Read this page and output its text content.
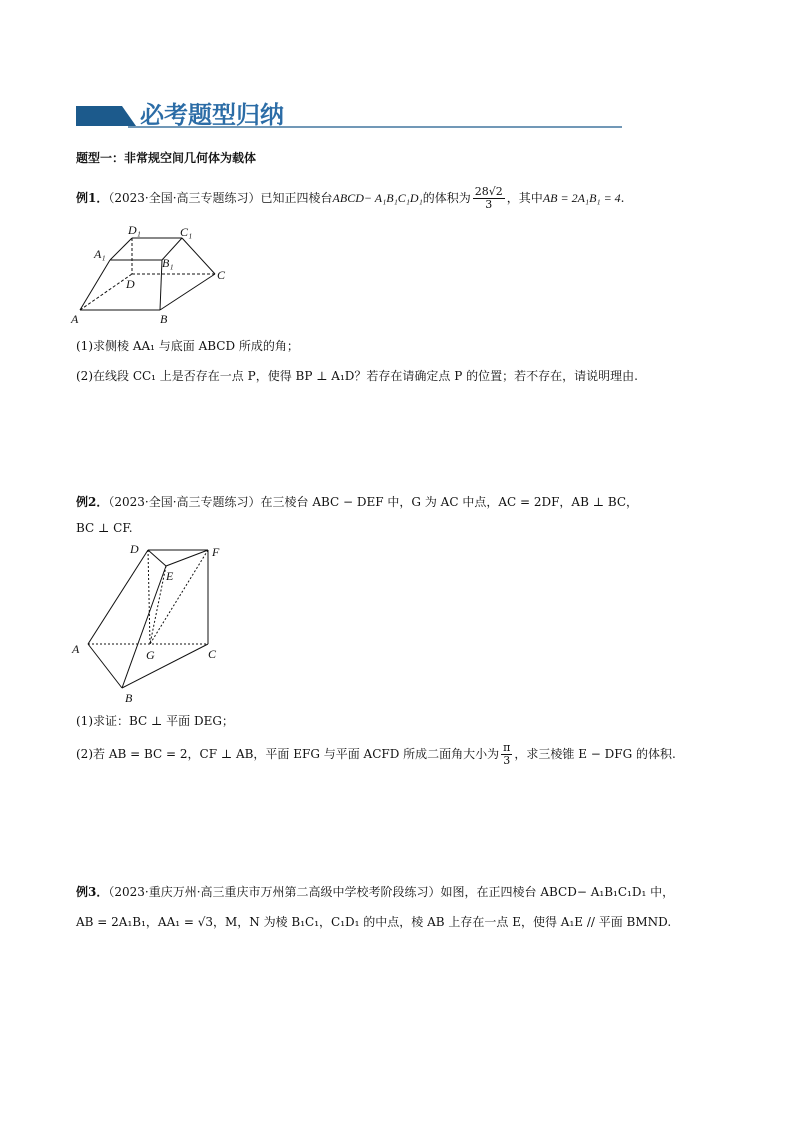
必考题型归纳
题型一：非常规空间几何体为载体
例1．（2023·全国·高三专题练习）已知正四棱台ABCD− A₁B₁C₁D₁的体积为 $\frac{28√2}{3}$ ，其中AB = 2A₁B₁ = 4.
A	B
C
D
A₁
B₁
C₁
D₁
(1)求侧棱 AA₁ 与底面 ABCD 所成的角；
(2)在线段 CC₁ 上是否存在一点 P，使得 BP ⊥ A₁D？若存在请确定点 P 的位置；若不存在，请说明理由.
例2．（2023·全国·高三专题练习）在三棱台 ABC − DEF 中，G 为 AC 中点，AC = 2DF，AB ⊥ BC，
BC ⊥ CF.
A
B
C
D
E
F
G
(1)求证：BC ⊥ 平面 DEG；
(2)若 AB = BC = 2，CF ⊥ AB，平面 EFG 与平面 ACFD 所成二面角大小为 $\frac{\pi}{3}$ ，求三棱锥 E − DFG 的体积.
例3．（2023·重庆万州·高三重庆市万州第二高级中学校考阶段练习）如图，在正四棱台 ABCD− A₁B₁C₁D₁ 中，
AB = 2A₁B₁，AA₁ = √3，M，N 为棱 B₁C₁，C₁D₁ 的中点，棱 AB 上存在一点 E，使得 A₁E // 平面 BMND.
